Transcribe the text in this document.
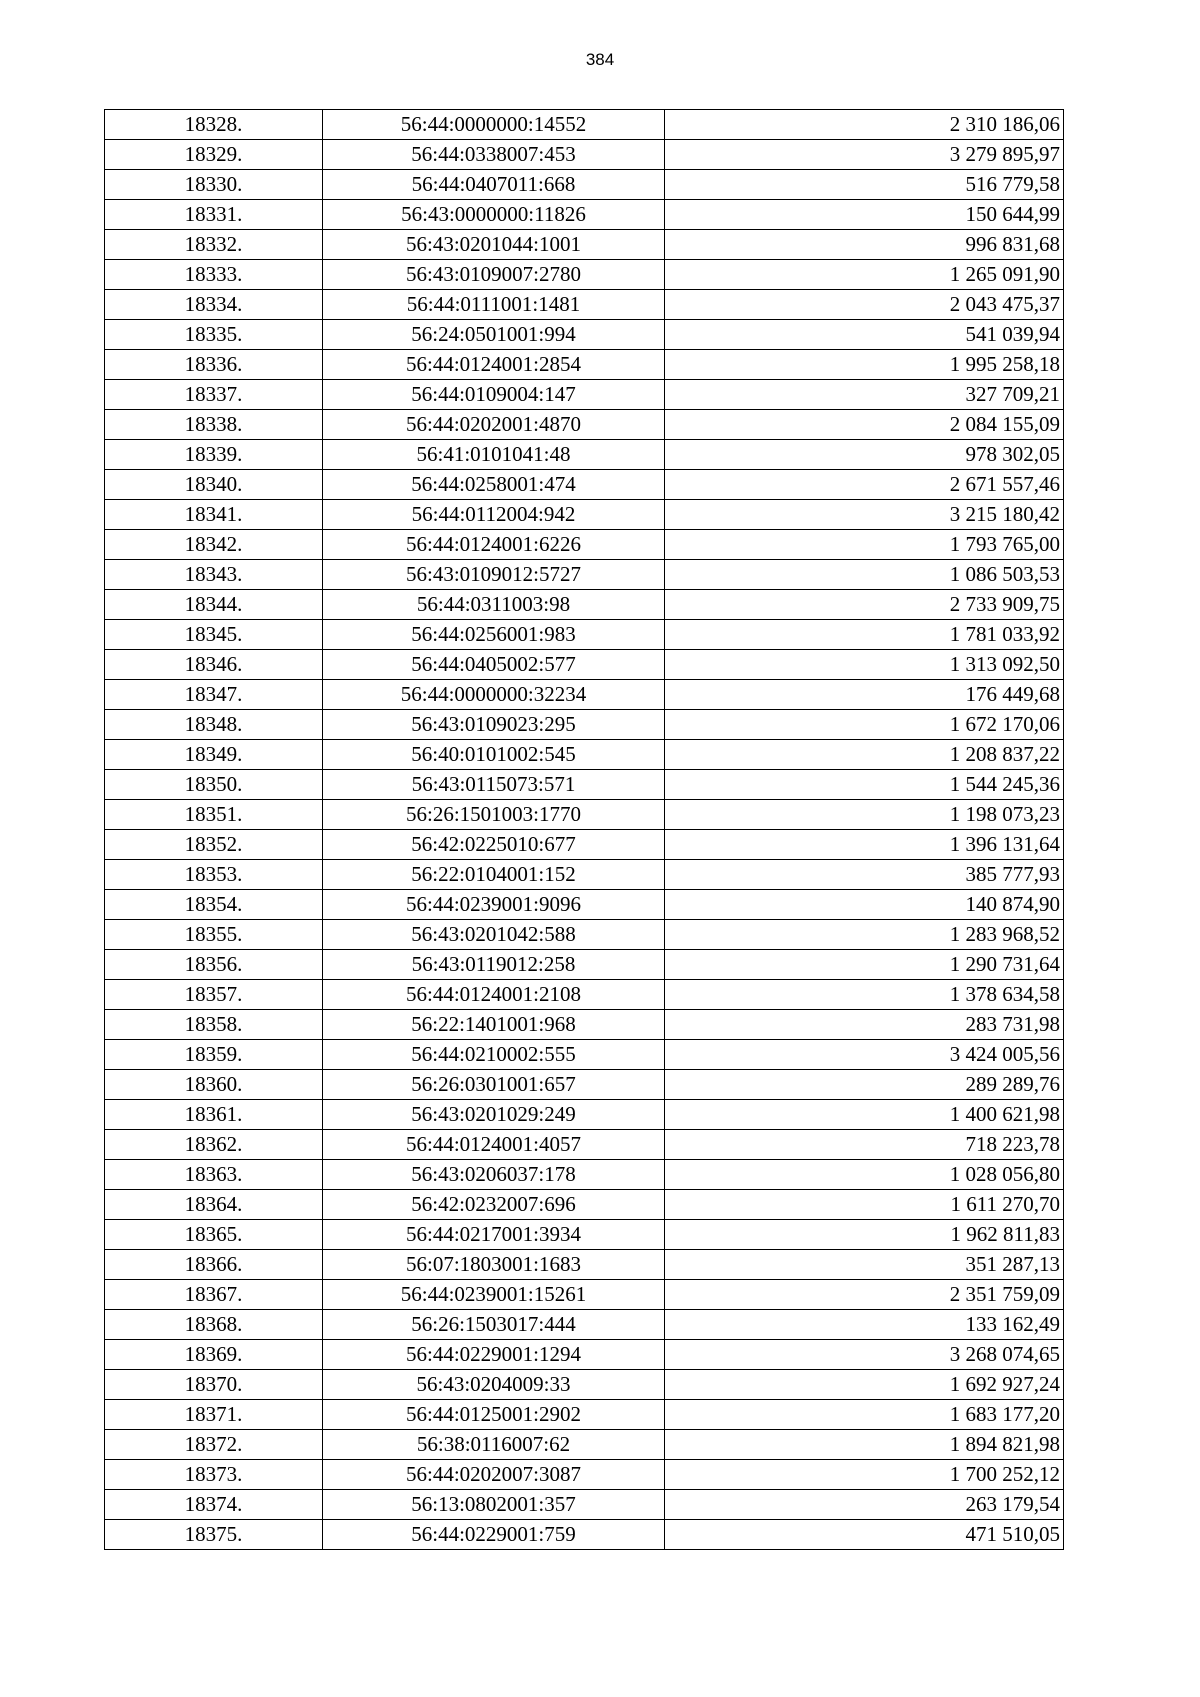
384
18328.	56:44:0000000:14552	2 310 186,06
18329.	56:44:0338007:453	3 279 895,97
18330.	56:44:0407011:668	516 779,58
18331.	56:43:0000000:11826	150 644,99
18332.	56:43:0201044:1001	996 831,68
18333.	56:43:0109007:2780	1 265 091,90
18334.	56:44:0111001:1481	2 043 475,37
18335.	56:24:0501001:994	541 039,94
18336.	56:44:0124001:2854	1 995 258,18
18337.	56:44:0109004:147	327 709,21
18338.	56:44:0202001:4870	2 084 155,09
18339.	56:41:0101041:48	978 302,05
18340.	56:44:0258001:474	2 671 557,46
18341.	56:44:0112004:942	3 215 180,42
18342.	56:44:0124001:6226	1 793 765,00
18343.	56:43:0109012:5727	1 086 503,53
18344.	56:44:0311003:98	2 733 909,75
18345.	56:44:0256001:983	1 781 033,92
18346.	56:44:0405002:577	1 313 092,50
18347.	56:44:0000000:32234	176 449,68
18348.	56:43:0109023:295	1 672 170,06
18349.	56:40:0101002:545	1 208 837,22
18350.	56:43:0115073:571	1 544 245,36
18351.	56:26:1501003:1770	1 198 073,23
18352.	56:42:0225010:677	1 396 131,64
18353.	56:22:0104001:152	385 777,93
18354.	56:44:0239001:9096	140 874,90
18355.	56:43:0201042:588	1 283 968,52
18356.	56:43:0119012:258	1 290 731,64
18357.	56:44:0124001:2108	1 378 634,58
18358.	56:22:1401001:968	283 731,98
18359.	56:44:0210002:555	3 424 005,56
18360.	56:26:0301001:657	289 289,76
18361.	56:43:0201029:249	1 400 621,98
18362.	56:44:0124001:4057	718 223,78
18363.	56:43:0206037:178	1 028 056,80
18364.	56:42:0232007:696	1 611 270,70
18365.	56:44:0217001:3934	1 962 811,83
18366.	56:07:1803001:1683	351 287,13
18367.	56:44:0239001:15261	2 351 759,09
18368.	56:26:1503017:444	133 162,49
18369.	56:44:0229001:1294	3 268 074,65
18370.	56:43:0204009:33	1 692 927,24
18371.	56:44:0125001:2902	1 683 177,20
18372.	56:38:0116007:62	1 894 821,98
18373.	56:44:0202007:3087	1 700 252,12
18374.	56:13:0802001:357	263 179,54
18375.	56:44:0229001:759	471 510,05
